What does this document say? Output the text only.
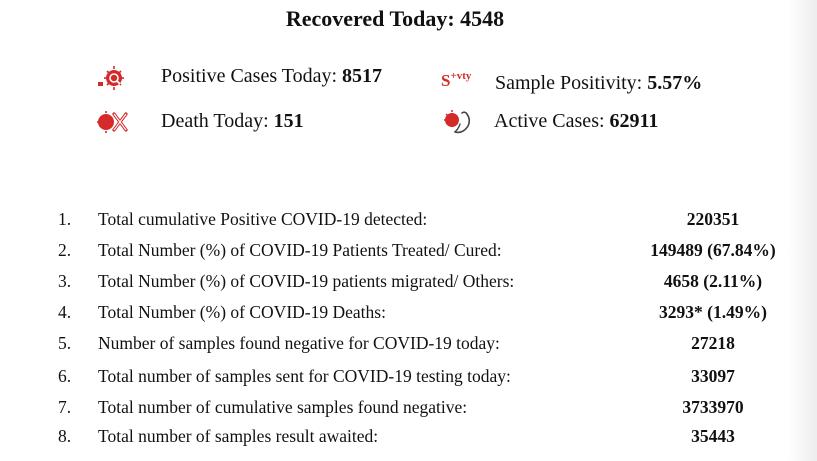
Recovered Today: 4548
Positive Cases Today: 8517	$S^{+vty}$ Sample Positivity: 5.57%
Death Today: 151	Active Cases: 62911
1. Total cumulative Positive COVID-19 detected:	220351
2. Total Number (%) of COVID-19 Patients Treated/ Cured:	149489 (67.84%)
3. Total Number (%) of COVID-19 patients migrated/ Others:	4658 (2.11%)
4. Total Number (%) of COVID-19 Deaths:	3293* (1.49%)
5. Number of samples found negative for COVID-19 today:	27218
6. Total number of samples sent for COVID-19 testing today:	33097
7. Total number of cumulative samples found negative:	3733970
8. Total number of samples result awaited:	35443
